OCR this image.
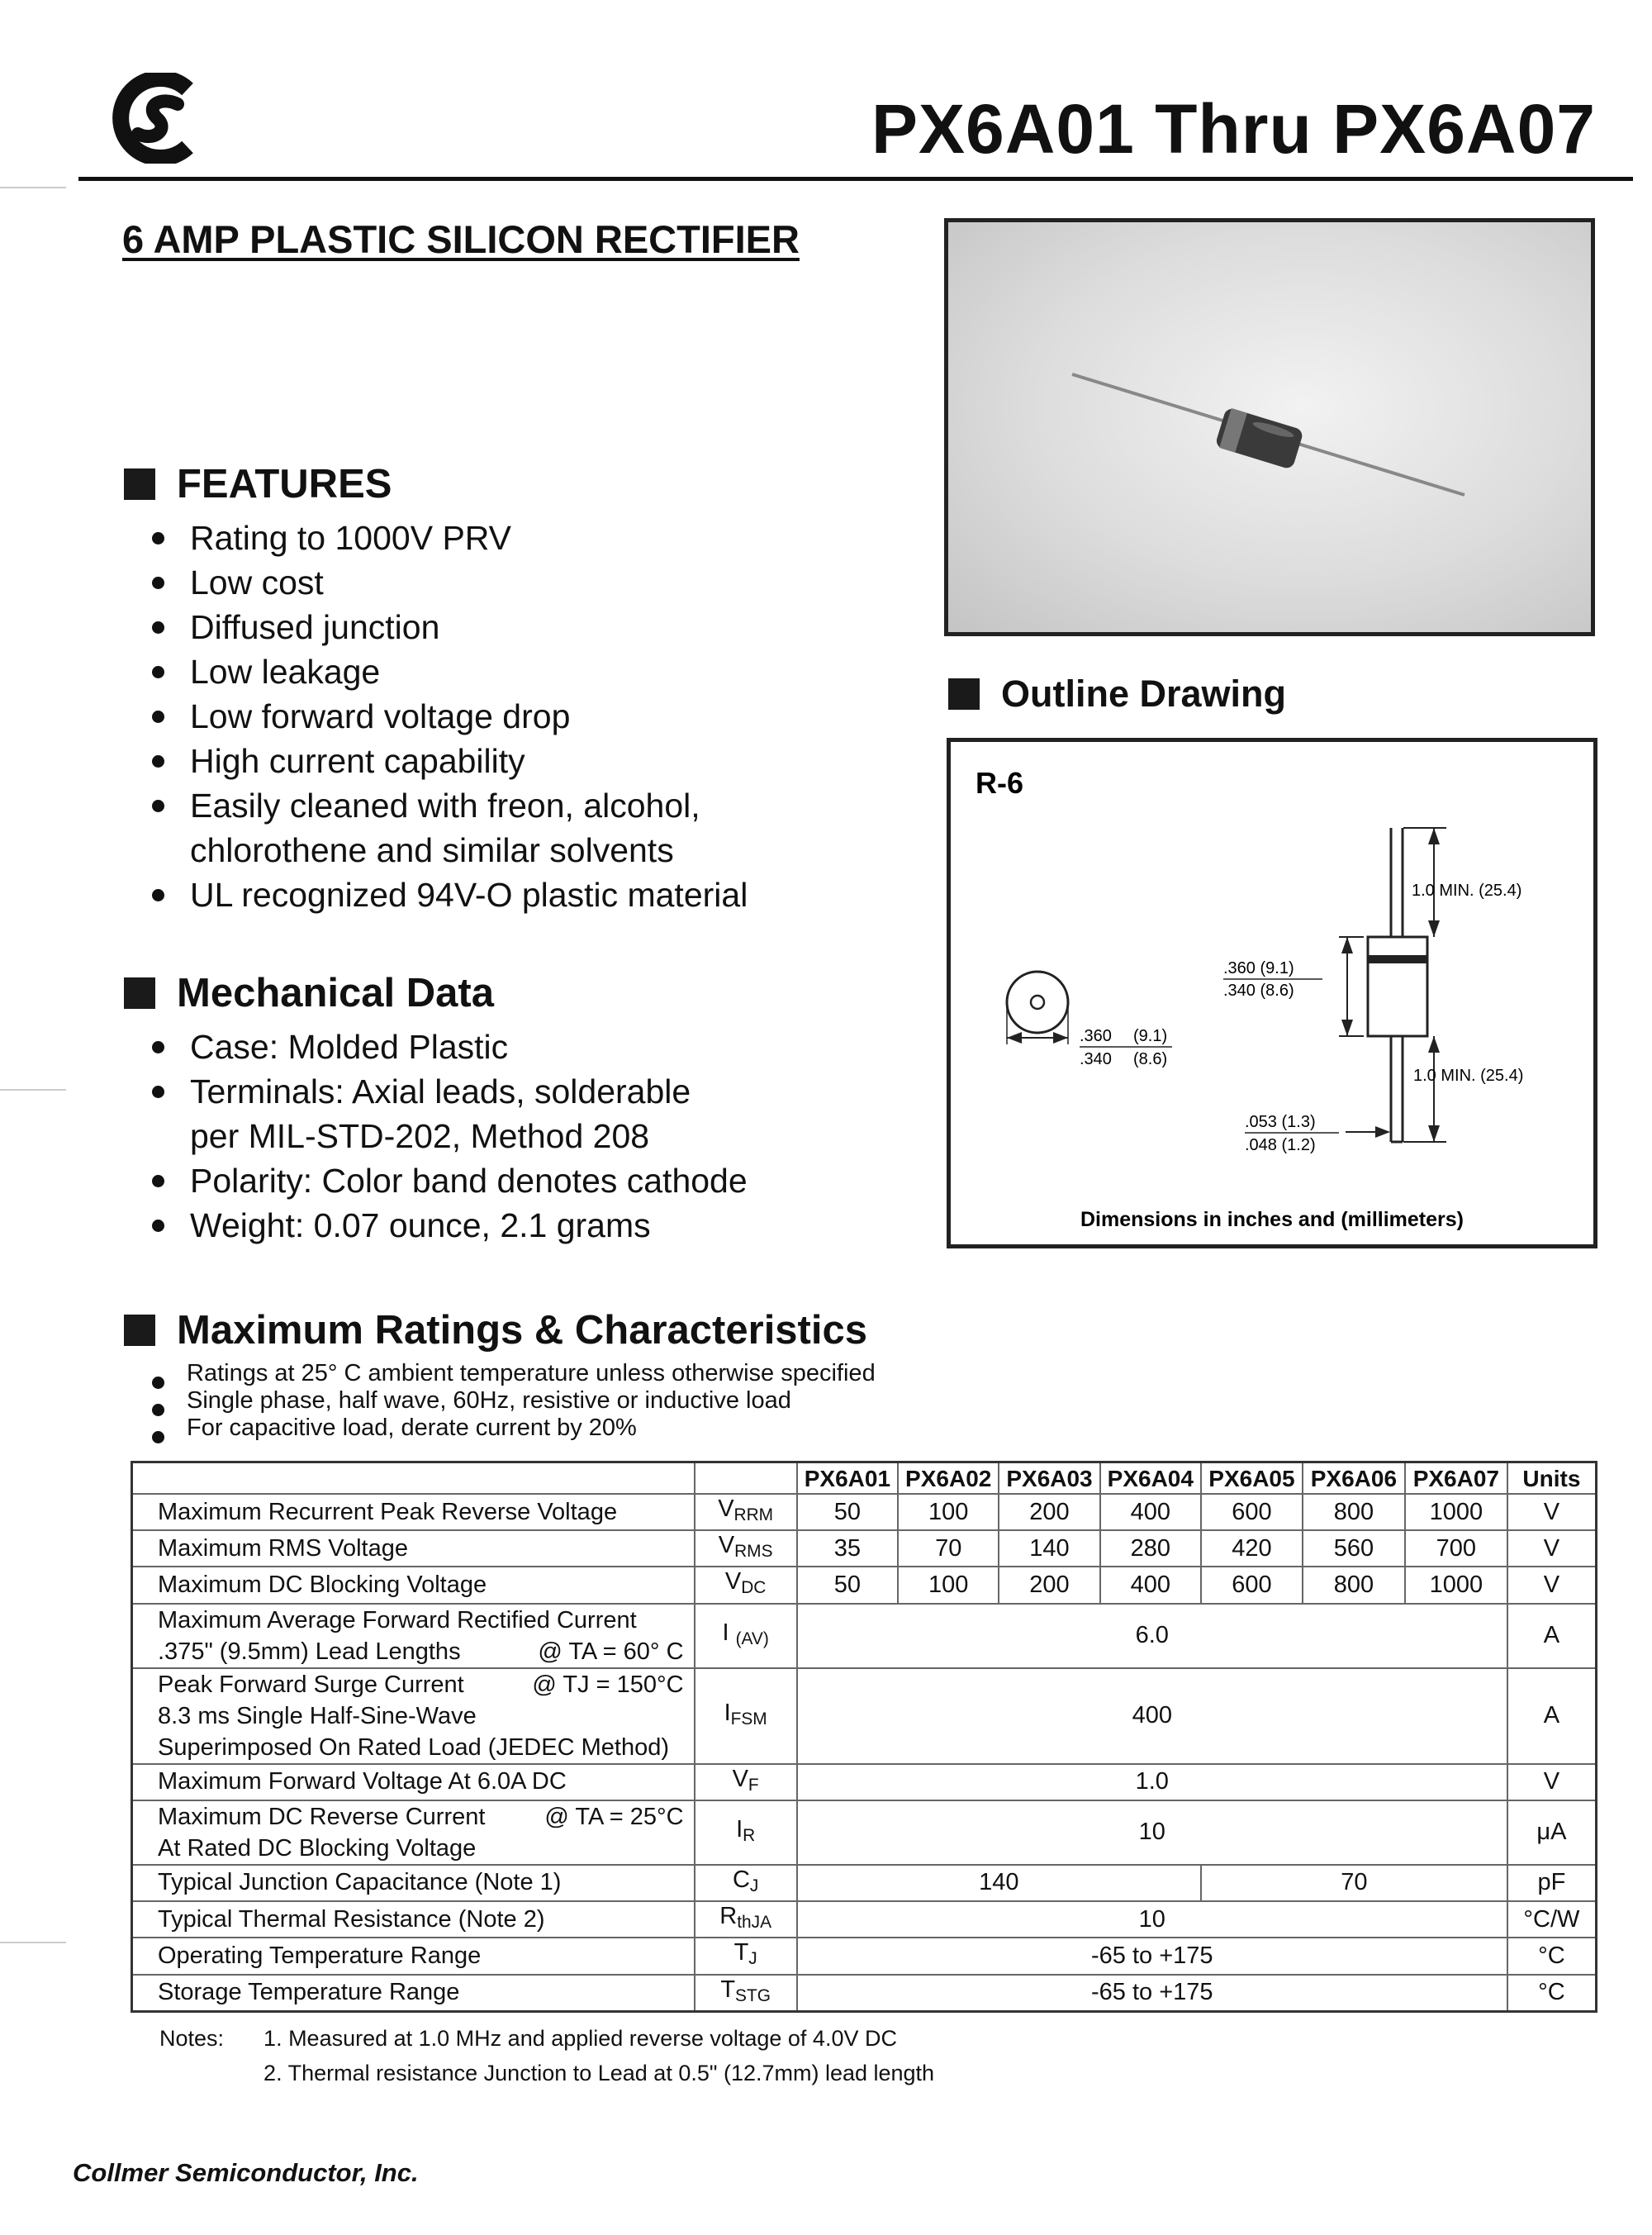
PX6A01 Thru PX6A07
6 AMP PLASTIC SILICON RECTIFIER
FEATURES
Rating to 1000V PRV
Low cost
Diffused junction
Low leakage
Low forward voltage drop
High current capability
Easily cleaned with freon, alcohol,
chlorothene and similar solvents
UL recognized 94V-O plastic material
Mechanical Data
Case: Molded Plastic
Terminals: Axial leads, solderable
per MIL-STD-202, Method 208
Polarity: Color band denotes cathode
Weight: 0.07 ounce, 2.1 grams
Outline Drawing
R-6
1.0 MIN. (25.4)
.360 (9.1)
.340 (8.6)
1.0 MIN. (25.4)
.053 (1.3)
.048 (1.2)
.360 (9.1)
.340 (8.6)
Dimensions in inches and (millimeters)
Maximum Ratings & Characteristics
Ratings at 25° C ambient temperature unless otherwise specified
Single phase, half wave, 60Hz, resistive or inductive load
For capacitive load, derate current by 20%
		PX6A01	PX6A02	PX6A03	PX6A04	PX6A05	PX6A06	PX6A07	Units
Maximum Recurrent Peak Reverse Voltage	$V_{RRM}$	50	100	200	400	600	800	1000	V
Maximum RMS Voltage	$V_{RMS}$	35	70	140	280	420	560	700	V
Maximum DC Blocking Voltage	$V_{DC}$	50	100	200	400	600	800	1000	V

Maximum Average Forward Rectified Current
@ TA = 60° C
.375" (9.5mm) Lead Lengths	I $_{(AV)}$	6.0							A

@ TJ = 150°C
Peak Forward Surge Current
8.3 ms Single Half-Sine-Wave
Superimposed On Rated Load (JEDEC Method)	$I_{FSM}$	400							A
Maximum Forward Voltage At 6.0A DC	$V_F$	1.0							V

@ TA = 25°C
Maximum DC Reverse Current
At Rated DC Blocking Voltage	$I_R$	10							μA
Typical Junction Capacitance (Note 1)	$C_J$	140				70			pF
Typical Thermal Resistance (Note 2)	$R_{thJA}$	10							°C/W
Operating Temperature Range	$T_J$	-65 to +175							°C
Storage Temperature Range	$T_{STG}$	-65 to +175							°C
Notes: 1. Measured at 1.0 MHz and applied reverse voltage of 4.0V DC
2. Thermal resistance Junction to Lead at 0.5" (12.7mm) lead length
Collmer Semiconductor, Inc.
